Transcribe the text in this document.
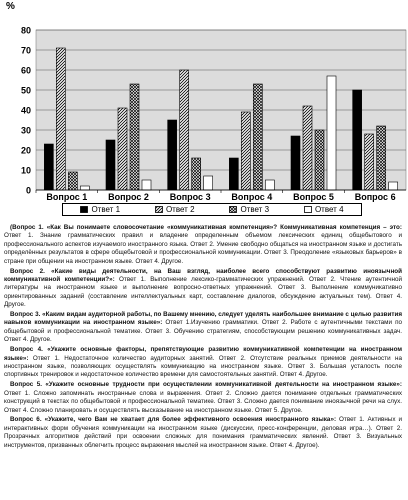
0
10
20
30
40
50
60
70
80
Вопрос 1 Вопрос 2 Вопрос 3 Вопрос 4 Вопрос 5 Вопрос 6
%
Ответ 1	Ответ 2	Ответ 3	Ответ 4

(Вопрос 1. «Как Вы понимаете словосочетание «коммуникативная компетенция»? Коммуникативная компетенция – это: Ответ 1. Знание грамматических правил и владение определенным объемом лексических единиц общебытового и профессионального аспектов изучаемого иностранного языка. Ответ 2. Умение свободно общаться на иностранном языке и достигать определённых результатов в сфере общебытовой и профессиональной коммуникации. Ответ 3. Преодоление «языковых барьеров» в стране при общении на иностранном языке. Ответ 4. Другое.

Вопрос 2. «Какие виды деятельности, на Ваш взгляд, наиболее всего способствуют развитию иноязычной коммуникативной компетенции?»: Ответ 1. Выполнение лексико-грамматических упражнений. Ответ 2. Чтение аутентичной литературы на иностранном языке и выполнение вопросно-ответных упражнений. Ответ 3. Выполнение коммуникативно ориентированных заданий (составление интеллектуальных карт, составление диалогов, обсуждение актуальных тем). Ответ 4. Другое.

Вопрос 3. «Каким видам аудиторной работы, по Вашему мнению, следует уделять наибольшее внимание с целью развития навыков коммуникации на иностранном языке»: Ответ 1.Изучению грамматики. Ответ 2. Работе с аутентичными текстами по общебытовой и профессиональной тематике. Ответ 3. Обучению стратегиям, способствующим решению коммуникативных задач. Ответ 4. Другое.

Вопрос 4. «Укажите основные факторы, препятствующие развитию коммуникативной компетенции на иностранном языке»: Ответ 1. Недостаточное количество аудиторных занятий. Ответ 2. Отсутствие реальных приемов деятельности на иностранном языке, позволяющих осуществлять коммуникацию на иностранном языке. Ответ 3. Большая усталость после спортивных тренировок и недостаточное количество времени для самостоятельных занятий. Ответ 4. Другое.

Вопрос 5. «Укажите основные трудности при осуществлении коммуникативной деятельности на иностранном языке»: Ответ 1. Сложно запоминать иностранные слова и выражения. Ответ 2. Сложно дается понимание отдельных грамматических конструкций в текстах по общебытовой и профессиональной тематике. Ответ 3. Сложно дается понимание иноязычной речи на слух. Ответ 4. Сложно планировать и осуществлять высказывание на иностранном языке. Ответ 5. Другое.

Вопрос 6. «Укажите, чего Вам не хватает для более эффективного освоения иностранного языка»: Ответ 1. Активных и интерактивных форм обучения коммуникации на иностранном языке (дискуссии, пресс-конференции, деловая игра…). Ответ 2. Прозрачных алгоритмов действий при освоении сложных для понимания грамматических явлений. Ответ 3. Визуальных инструментов, призванных облегчить процесс выражения мыслей на иностранном языке. Ответ 4. Другое).
